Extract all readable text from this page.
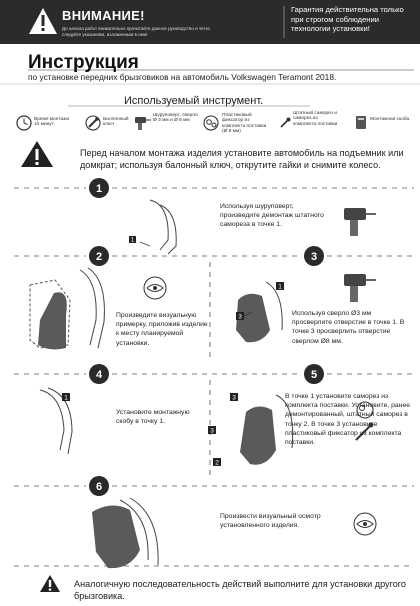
1
2	3
4	5
6
1
1
3
1	3
3
2
ВНИМАНИЕ!
До начала работ внимательно прочитайте данное руководство и четко следуйте указаниям, изложенным в нем!
Гарантия действительна только при строгом соблюдении технологии установки!
Инструкция
по установке передних брызговиков на автомобиль Volkswagen Teramont 2018.
Используемый инструмент.
Время монтажа 10 минут
Баллонный ключ
Шуруповерт, сверло Ø 3 мм и Ø 8 мм
Пластиковый фиксатор из комплекта поставки (Ø 8 мм)
Штатный саморез и саморез из комплекта поставки
Монтажная скоба
Перед началом монтажа изделия установите автомобиль на подъемник или домкрат; используя балонный ключ, открутите гайки и снимите колесо.
Используя шуруповерт, произведите демонтаж штатного самореза в точке 1.
Произведите визуальную примерку, приложив изделие к месту планируемой установки.
Используя сверло Ø3 мм просверлите отверстие в точке 1. В точке 3 просверлить отверстие сверлом Ø8 мм.
Установите монтажную скобу в точку 1.
В точке 1 установите саморез из комплекта поставки. Установите, ранее демонтированный, штатный саморез в точку 2. В точке 3 установите пластиковый фиксатор из комплекта поставки.
Произвести визуальный осмотр установленного изделия.
Аналогичную последовательность действий выполните для установки другого брызговика.
